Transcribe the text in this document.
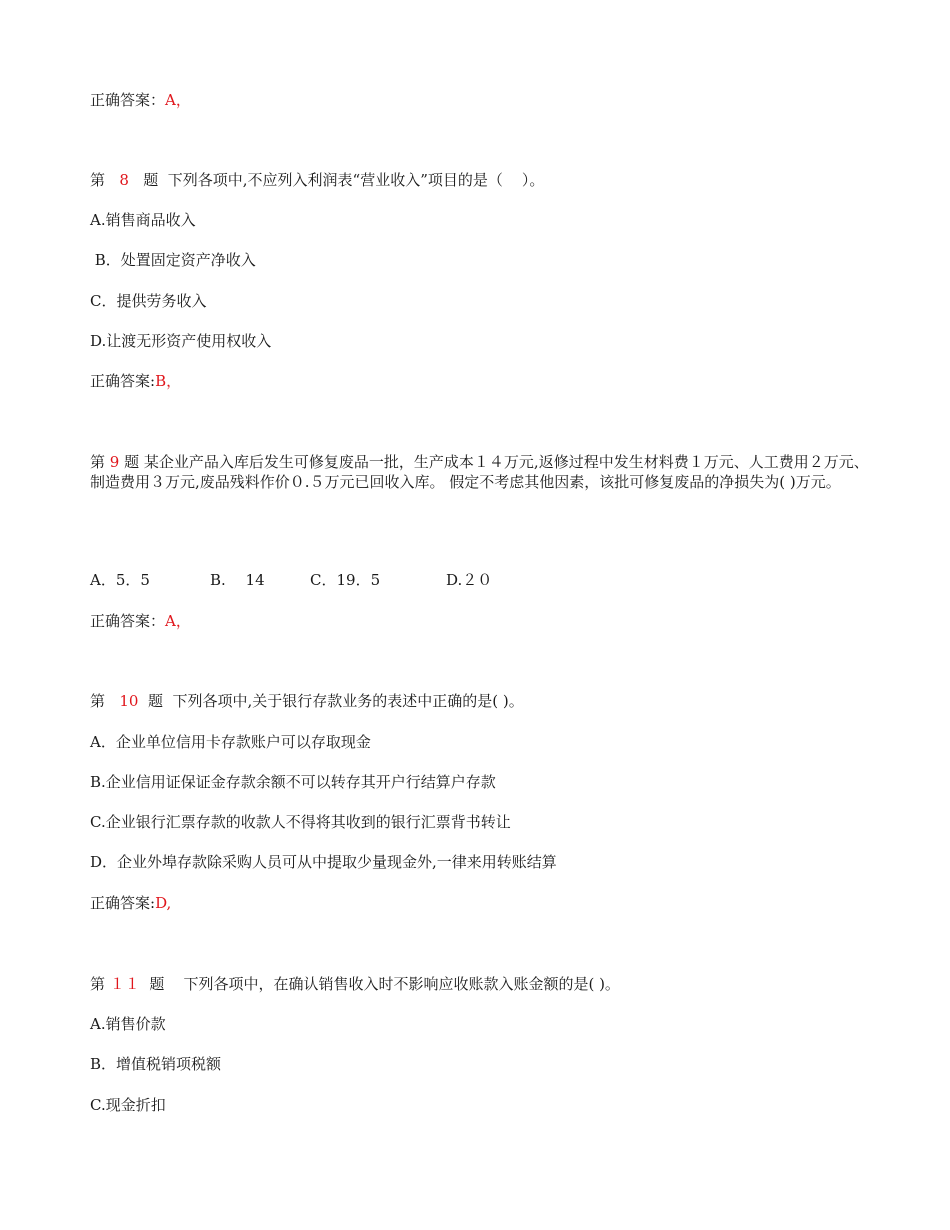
正确答案：A，
第 8 题 下列各项中,不应列入利润表“营业收入”项目的是（    ）。
A.销售商品收入
B．处置固定资产净收入
C．提供劳务收入
D.让渡无形资产使用权收入
正确答案:B，
第 9 题 某企业产品入库后发生可修复废品一批，生产成本１４万元,返修过程中发生材料费１万元、人工费用２万元、制造费用３万元,废品残料作价０.５万元已回收入库。 假定不考虑其他因素，该批可修复废品的净损失为( )万元。
A．5．5	B.　 14	C．19．5	D.２０
正确答案：A，
第 10 题 下列各项中,关于银行存款业务的表述中正确的是( )。
A．企业单位信用卡存款账户可以存取现金
B.企业信用证保证金存款余额不可以转存其开户行结算户存款
C.企业银行汇票存款的收款人不得将其收到的银行汇票背书转让
D．企业外埠存款除采购人员可从中提取少量现金外,一律来用转账结算
正确答案:D,
第 １１ 题 下列各项中，在确认销售收入时不影响应收账款入账金额的是( )。
A.销售价款
B．增值税销项税额
C.现金折扣
